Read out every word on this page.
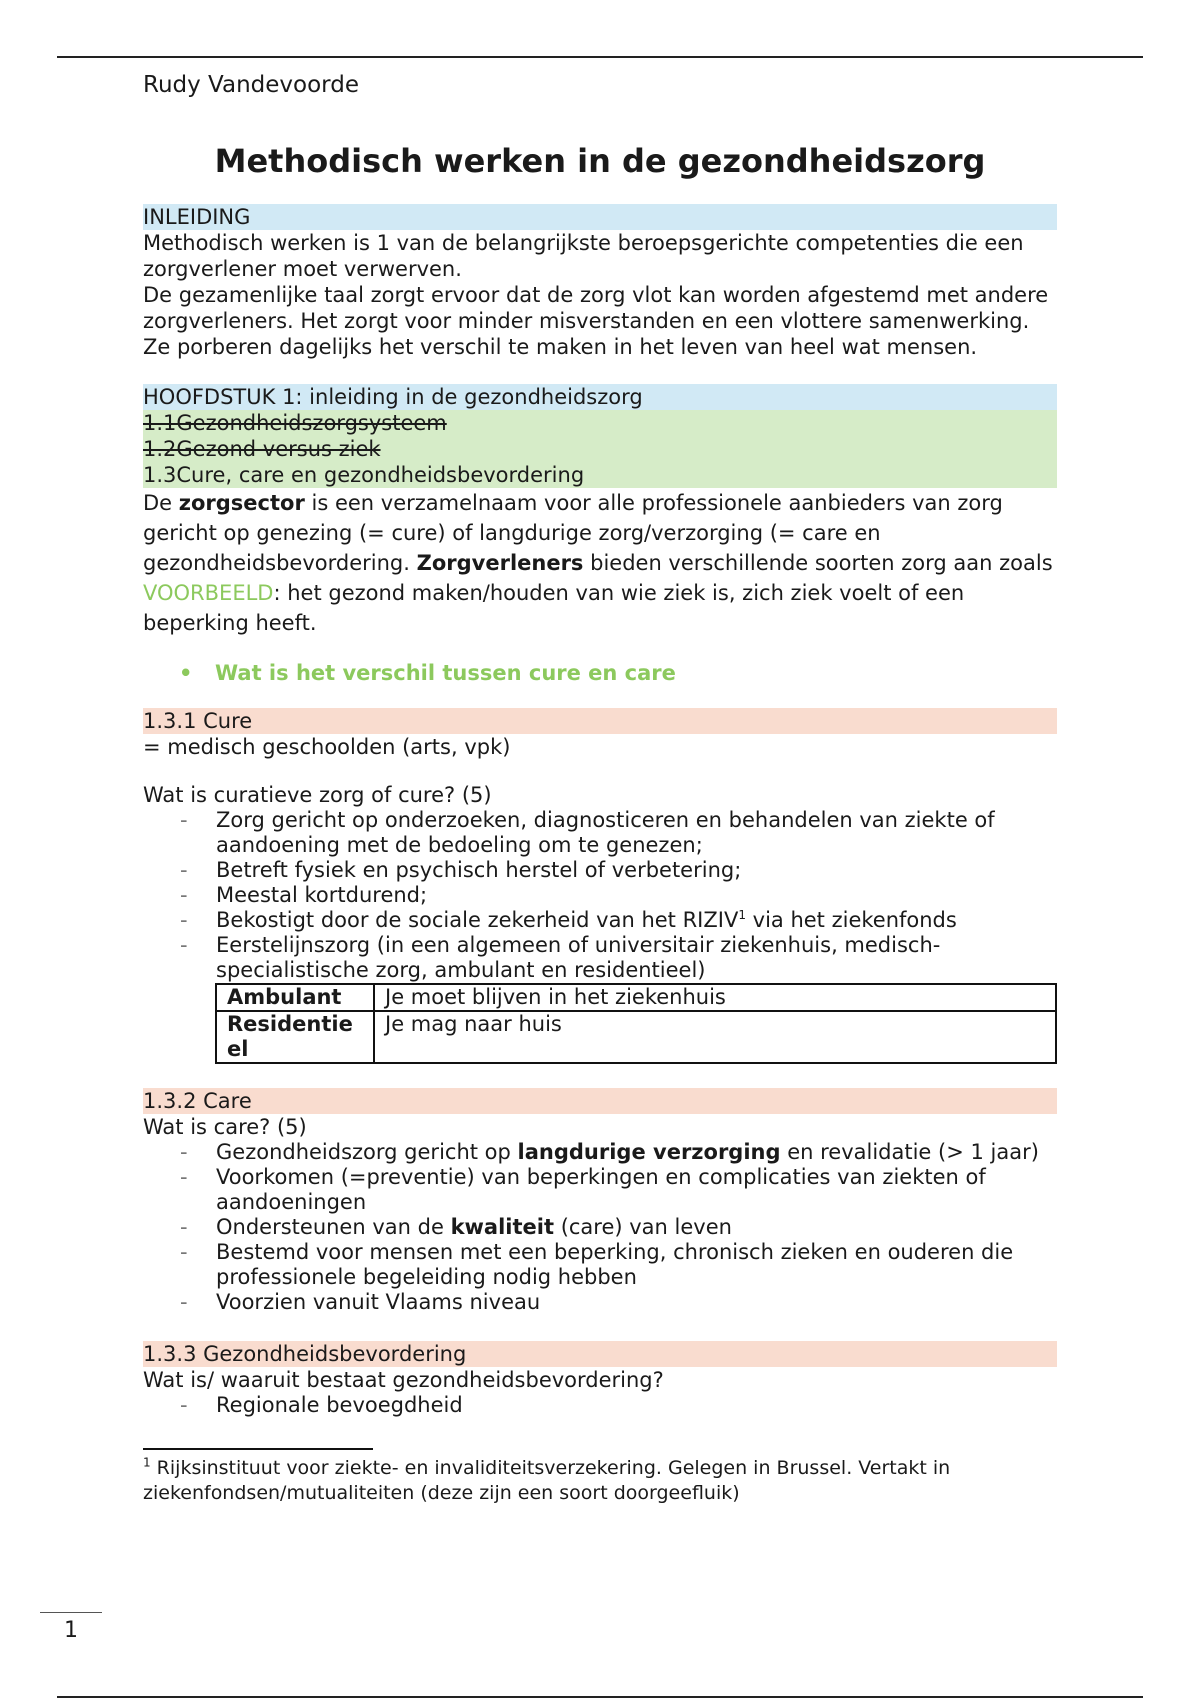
Rudy Vandevoorde

Methodisch werken in de gezondheidszorg
INLEIDING

Methodisch werken is 1 van de belangrijkste beroepsgerichte competenties die een zorgverlener moet verwerven.

De gezamenlijke taal zorgt ervoor dat de zorg vlot kan worden afgestemd met andere zorgverleners. Het zorgt voor minder misverstanden en een vlottere samenwerking. Ze porberen dagelijks het verschil te maken in het leven van heel wat mensen.

HOOFDSTUK 1: inleiding in de gezondheidszorg
1.1Gezondheidszorgsysteem
1.2Gezond versus ziek
1.3Cure, care en gezondheidsbevordering

De zorgsector is een verzamelnaam voor alle professionele aanbieders van zorg gericht op genezing (= cure) of langdurige zorg/verzorging (= care en gezondheidsbevordering. Zorgverleners bieden verschillende soorten zorg aan zoals VOORBEELD: het gezond maken/houden van wie ziek is, zich ziek voelt of een beperking heeft.

• Wat is het verschil tussen cure en care
1.3.1 Cure

= medisch geschoolden (arts, vpk)

Wat is curatieve zorg of cure? (5)

- Zorg gericht op onderzoeken, diagnosticeren en behandelen van ziekte of aandoening met de bedoeling om te genezen;
- Betreft fysiek en psychisch herstel of verbetering;
- Meestal kortdurend;
- Bekostigt door de sociale zekerheid van het RIZIV$^1$ via het ziekenfonds
- Eerstelijnszorg (in een algemeen of universitair ziekenhuis, medisch-specialistische zorg, ambulant en residentieel)
Ambulant	Je moet blijven in het ziekenhuis
Residentie el	Je mag naar huis
1.3.2 Care

Wat is care? (5)

- Gezondheidszorg gericht op langdurige verzorging en revalidatie (> 1 jaar)
- Voorkomen (=preventie) van beperkingen en complicaties van ziekten of aandoeningen
- Ondersteunen van de kwaliteit (care) van leven
- Bestemd voor mensen met een beperking, chronisch zieken en ouderen die professionele begeleiding nodig hebben
- Voorzien vanuit Vlaams niveau
1.3.3 Gezondheidsbevordering

Wat is/ waaruit bestaat gezondheidsbevordering?

- Regionale bevoegdheid

$^1$ Rijksinstituut voor ziekte- en invaliditeitsverzekering. Gelegen in Brussel. Vertakt in ziekenfondsen/mutualiteiten (deze zijn een soort doorgeefluik)

1
